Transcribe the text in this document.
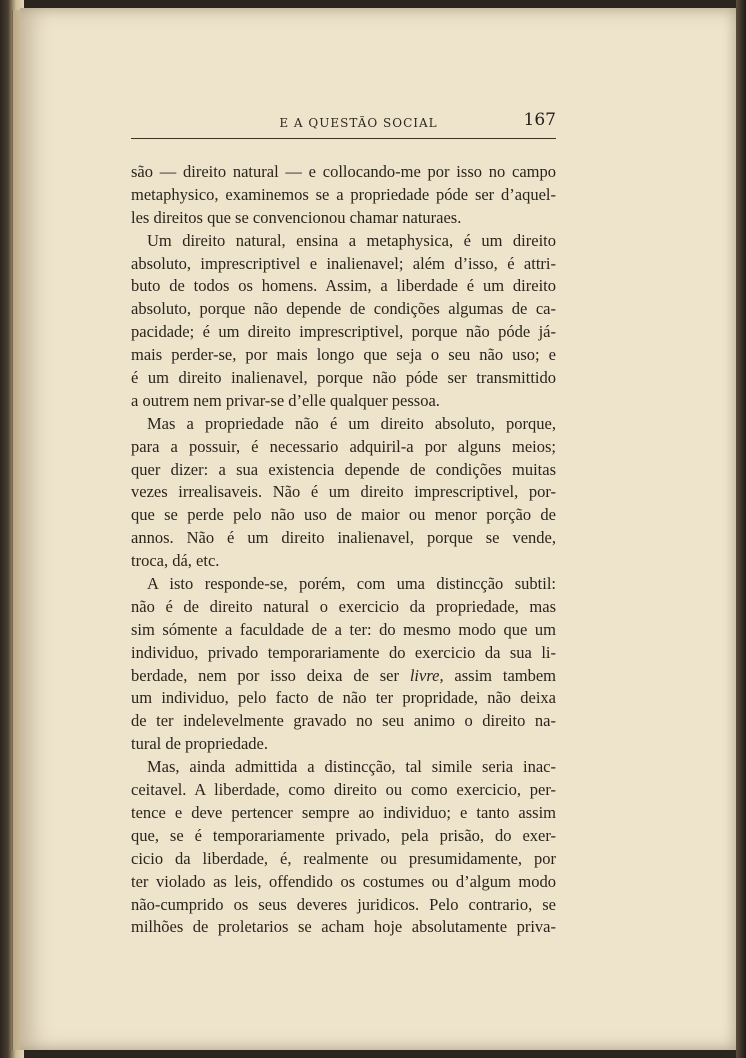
E A QUESTÃO SOCIAL	167
são — direito natural — e collocando-me por isso no campo
metaphysico, examinemos se a propriedade póde ser d’aquel-
les direitos que se convencionou chamar naturaes.
Um direito natural, ensina a metaphysica, é um direito
absoluto, imprescriptivel e inalienavel; além d’isso, é attri-
buto de todos os homens. Assim, a liberdade é um direito
absoluto, porque não depende de condições algumas de ca-
pacidade; é um direito imprescriptivel, porque não póde já-
mais perder-se, por mais longo que seja o seu não uso; e
é um direito inalienavel, porque não póde ser transmittido
a outrem nem privar-se d’elle qualquer pessoa.
Mas a propriedade não é um direito absoluto, porque,
para a possuir, é necessario adquiril-a por alguns meios;
quer dizer: a sua existencia depende de condições muitas
vezes irrealisaveis. Não é um direito imprescriptivel, por-
que se perde pelo não uso de maior ou menor porção de
annos. Não é um direito inalienavel, porque se vende,
troca, dá, etc.
A isto responde-se, porém, com uma distincção subtil:
não é de direito natural o exercicio da propriedade, mas
sim sómente a faculdade de a ter: do mesmo modo que um
individuo, privado temporariamente do exercicio da sua li-
berdade, nem por isso deixa de ser livre, assim tambem
um individuo, pelo facto de não ter propridade, não deixa
de ter indelevelmente gravado no seu animo o direito na-
tural de propriedade.
Mas, ainda admittida a distincção, tal simile seria inac-
ceitavel. A liberdade, como direito ou como exercicio, per-
tence e deve pertencer sempre ao individuo; e tanto assim
que, se é temporariamente privado, pela prisão, do exer-
cicio da liberdade, é, realmente ou presumidamente, por
ter violado as leis, offendido os costumes ou d’algum modo
não-cumprido os seus deveres juridicos. Pelo contrario, se
milhões de proletarios se acham hoje absolutamente priva-
